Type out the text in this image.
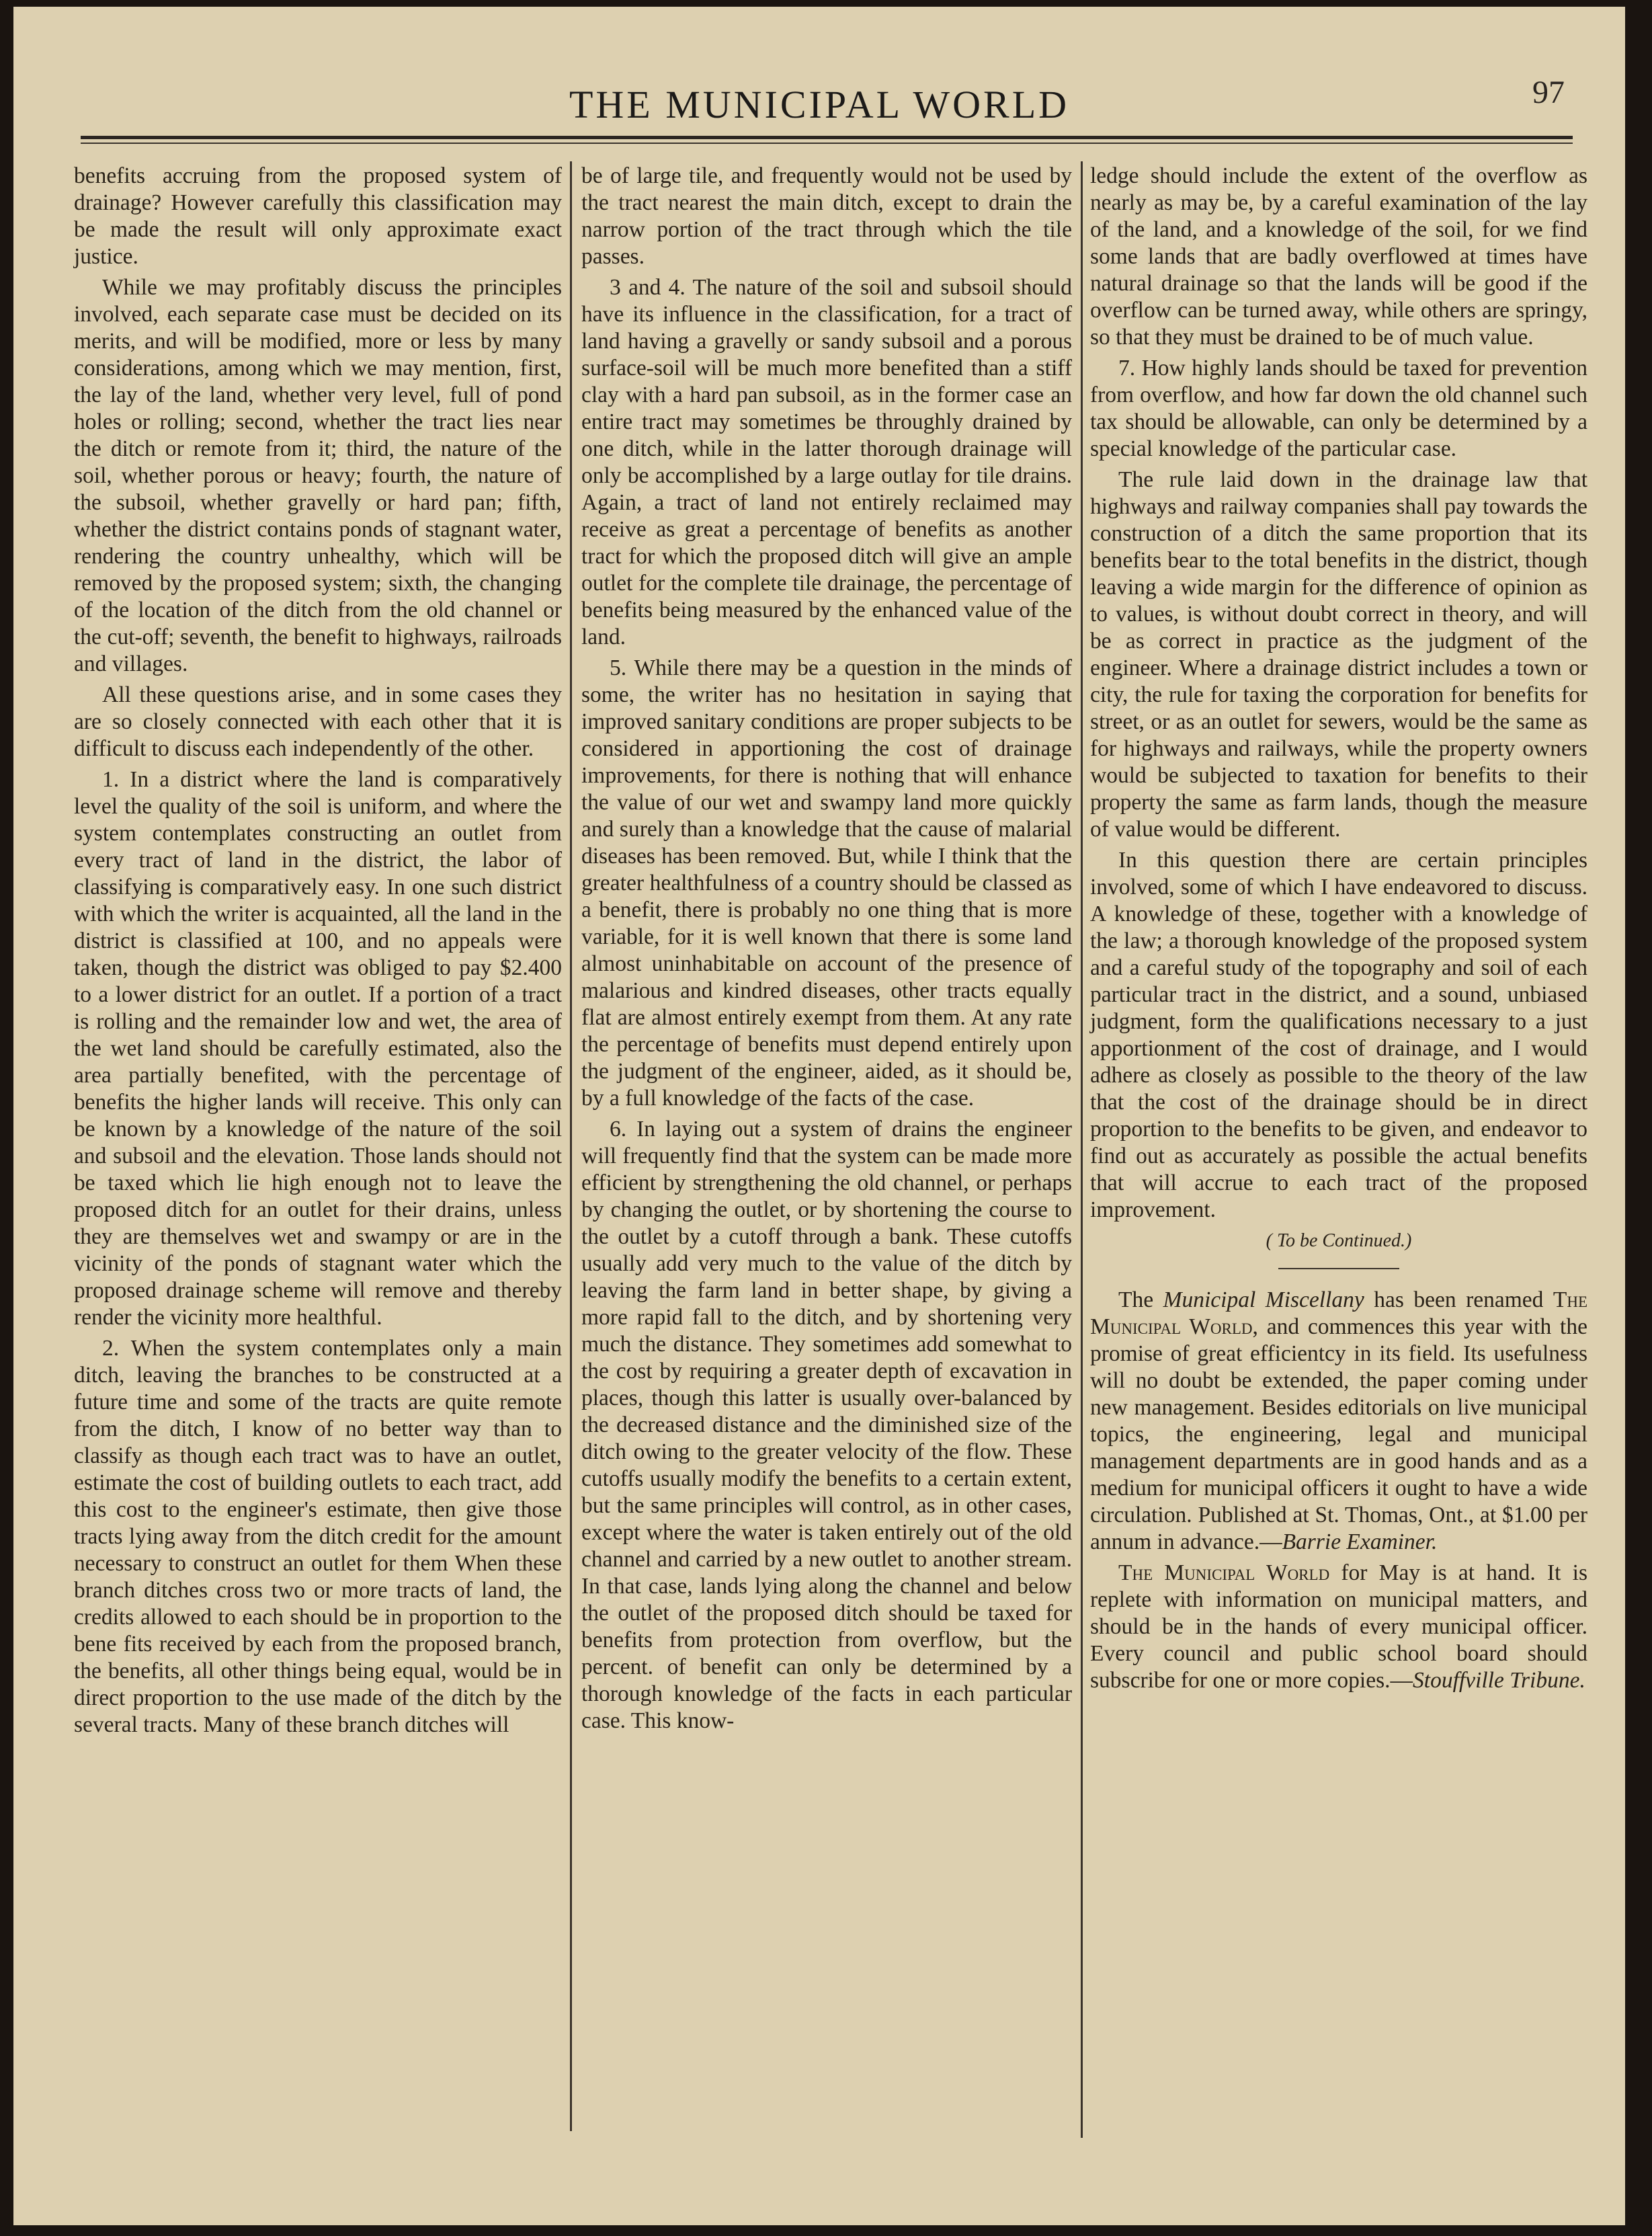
THE MUNICIPAL WORLD	97

benefits accruing from the proposed system of drainage? However carefully this classification may be made the result will only approximate exact justice.

While we may profitably discuss the principles involved, each separate case must be decided on its merits, and will be modified, more or less by many considerations, among which we may mention, first, the lay of the land, whether very level, full of pond holes or rolling; second, whether the tract lies near the ditch or remote from it; third, the nature of the soil, whether porous or heavy; fourth, the nature of the subsoil, whether gravelly or hard pan; fifth, whether the district contains ponds of stagnant water, rendering the country unhealthy, which will be removed by the proposed system; sixth, the changing of the location of the ditch from the old channel or the cut-off; seventh, the benefit to highways, railroads and villages.

All these questions arise, and in some cases they are so closely connected with each other that it is difficult to discuss each independently of the other.

1. In a district where the land is comparatively level the quality of the soil is uniform, and where the system contemplates constructing an outlet from every tract of land in the district, the labor of classifying is comparatively easy. In one such district with which the writer is acquainted, all the land in the district is classified at 100, and no appeals were taken, though the district was obliged to pay $2.400 to a lower district for an outlet. If a portion of a tract is rolling and the remainder low and wet, the area of the wet land should be carefully estimated, also the area partially benefited, with the percentage of benefits the higher lands will receive. This only can be known by a knowledge of the nature of the soil and subsoil and the elevation. Those lands should not be taxed which lie high enough not to leave the proposed ditch for an outlet for their drains, unless they are themselves wet and swampy or are in the vicinity of the ponds of stagnant water which the proposed drainage scheme will remove and thereby render the vicinity more healthful.

2. When the system contemplates only a main ditch, leaving the branches to be constructed at a future time and some of the tracts are quite remote from the ditch, I know of no better way than to classify as though each tract was to have an outlet, estimate the cost of building outlets to each tract, add this cost to the engineer's estimate, then give those tracts lying away from the ditch credit for the amount necessary to construct an outlet for them When these branch ditches cross two or more tracts of land, the credits allowed to each should be in proportion to the bene fits received by each from the proposed branch, the benefits, all other things being equal, would be in direct proportion to the use made of the ditch by the several tracts. Many of these branch ditches will

be of large tile, and frequently would not be used by the tract nearest the main ditch, except to drain the narrow portion of the tract through which the tile passes.

3 and 4. The nature of the soil and subsoil should have its influence in the classification, for a tract of land having a gravelly or sandy subsoil and a porous surface-soil will be much more benefited than a stiff clay with a hard pan subsoil, as in the former case an entire tract may sometimes be throughly drained by one ditch, while in the latter thorough drainage will only be accomplished by a large outlay for tile drains. Again, a tract of land not entirely reclaimed may receive as great a percentage of benefits as another tract for which the proposed ditch will give an ample outlet for the complete tile drainage, the percentage of benefits being measured by the enhanced value of the land.

5. While there may be a question in the minds of some, the writer has no hesitation in saying that improved sanitary conditions are proper subjects to be considered in apportioning the cost of drainage improvements, for there is nothing that will enhance the value of our wet and swampy land more quickly and surely than a knowledge that the cause of malarial diseases has been removed. But, while I think that the greater healthfulness of a country should be classed as a benefit, there is probably no one thing that is more variable, for it is well known that there is some land almost uninhabitable on account of the presence of malarious and kindred diseases, other tracts equally flat are almost entirely exempt from them. At any rate the percentage of benefits must depend entirely upon the judgment of the engineer, aided, as it should be, by a full knowledge of the facts of the case.

6. In laying out a system of drains the engineer will frequently find that the system can be made more efficient by strengthening the old channel, or perhaps by changing the outlet, or by shortening the course to the outlet by a cutoff through a bank. These cutoffs usually add very much to the value of the ditch by leaving the farm land in better shape, by giving a more rapid fall to the ditch, and by shortening very much the distance. They sometimes add somewhat to the cost by requiring a greater depth of excavation in places, though this latter is usually over-balanced by the decreased distance and the diminished size of the ditch owing to the greater velocity of the flow. These cutoffs usually modify the benefits to a certain extent, but the same principles will control, as in other cases, except where the water is taken entirely out of the old channel and carried by a new outlet to another stream. In that case, lands lying along the channel and below the outlet of the proposed ditch should be taxed for benefits from protection from overflow, but the percent. of benefit can only be determined by a thorough knowledge of the facts in each particular case. This know-

ledge should include the extent of the overflow as nearly as may be, by a careful examination of the lay of the land, and a knowledge of the soil, for we find some lands that are badly overflowed at times have natural drainage so that the lands will be good if the overflow can be turned away, while others are springy, so that they must be drained to be of much value.

7. How highly lands should be taxed for prevention from overflow, and how far down the old channel such tax should be allowable, can only be determined by a special knowledge of the particular case.

The rule laid down in the drainage law that highways and railway companies shall pay towards the construction of a ditch the same proportion that its benefits bear to the total benefits in the district, though leaving a wide margin for the difference of opinion as to values, is without doubt correct in theory, and will be as correct in practice as the judgment of the engineer. Where a drainage district includes a town or city, the rule for taxing the corporation for benefits for street, or as an outlet for sewers, would be the same as for highways and railways, while the property owners would be subjected to taxation for benefits to their property the same as farm lands, though the measure of value would be different.

In this question there are certain principles involved, some of which I have endeavored to discuss. A knowledge of these, together with a knowledge of the law; a thorough knowledge of the proposed system and a careful study of the topography and soil of each particular tract in the district, and a sound, unbiased judgment, form the qualifications necessary to a just apportionment of the cost of drainage, and I would adhere as closely as possible to the theory of the law that the cost of the drainage should be in direct proportion to the benefits to be given, and endeavor to find out as accurately as possible the actual benefits that will accrue to each tract of the proposed improvement.

( To be Continued.)

The Municipal Miscellany has been renamed The Municipal World, and commences this year with the promise of great efficientcy in its field. Its usefulness will no doubt be extended, the paper coming under new management. Besides editorials on live municipal topics, the engineering, legal and municipal management departments are in good hands and as a medium for municipal officers it ought to have a wide circulation. Published at St. Thomas, Ont., at $1.00 per annum in advance.—Barrie Examiner.

The Municipal World for May is at hand. It is replete with information on municipal matters, and should be in the hands of every municipal officer. Every council and public school board should subscribe for one or more copies.—Stouffville Tribune.
